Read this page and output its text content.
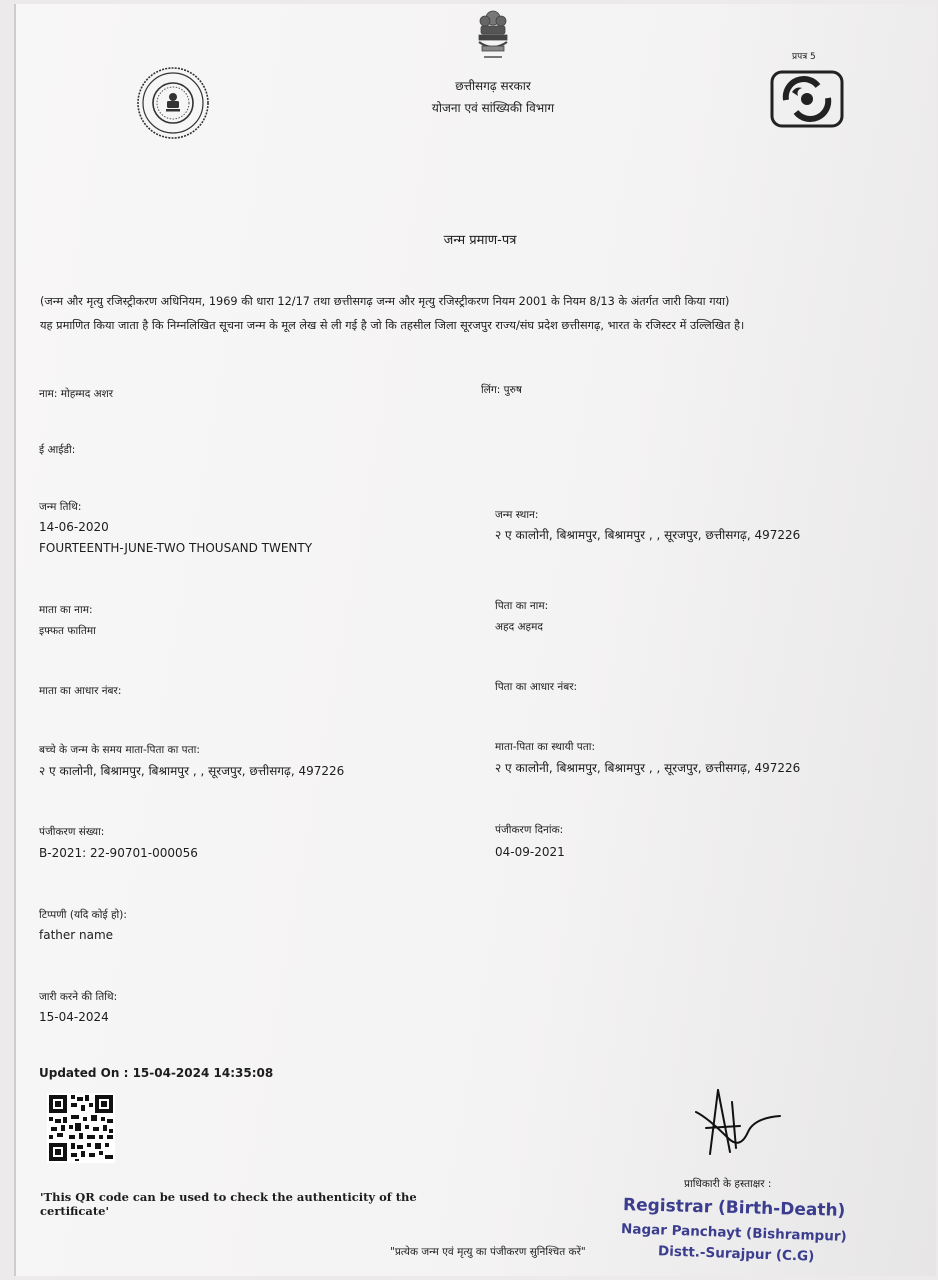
प्रपत्र 5
छत्तीसगढ़ सरकार
योजना एवं सांख्यिकी विभाग
जन्म प्रमाण-पत्र
(जन्म और मृत्यु रजिस्ट्रीकरण अधिनियम, 1969 की धारा 12/17 तथा छत्तीसगढ़ जन्म और मृत्यु रजिस्ट्रीकरण नियम 2001 के नियम 8/13 के अंतर्गत जारी किया गया)
यह प्रमाणित किया जाता है कि निम्नलिखित सूचना जन्म के मूल लेख से ली गई है जो कि तहसील जिला सूरजपुर राज्य/संघ प्रदेश छत्तीसगढ़, भारत के रजिस्टर में उल्लिखित है।
नाम: मोहम्मद अशर	लिंग: पुरुष
ई आईडी:
जन्म तिथि:
14-06-2020
FOURTEENTH-JUNE-TWO THOUSAND TWENTY
जन्म स्थान:
२ ए कालोनी, बिश्रामपुर, बिश्रामपुर , , सूरजपुर, छत्तीसगढ़, 497226
माता का नाम:
इफ्फत फातिमा
पिता का नाम:
अहद अहमद
माता का आधार नंबर:	पिता का आधार नंबर:
बच्चे के जन्म के समय माता-पिता का पता:
२ ए कालोनी, बिश्रामपुर, बिश्रामपुर , , सूरजपुर, छत्तीसगढ़, 497226
माता-पिता का स्थायी पता:
२ ए कालोनी, बिश्रामपुर, बिश्रामपुर , , सूरजपुर, छत्तीसगढ़, 497226
पंजीकरण संख्या:
B-2021: 22-90701-000056
पंजीकरण दिनांक:
04-09-2021
टिप्पणी (यदि कोई हो):
father name
जारी करने की तिथि:
15-04-2024
Updated On : 15-04-2024 14:35:08
'This QR code can be used to check the authenticity of the certificate'
प्राधिकारी के हस्ताक्षर :
Registrar (Birth-Death)
Nagar Panchayt (Bishrampur)
Distt.-Surajpur (C.G)
"प्रत्येक जन्म एवं मृत्यु का पंजीकरण सुनिश्चित करें"
